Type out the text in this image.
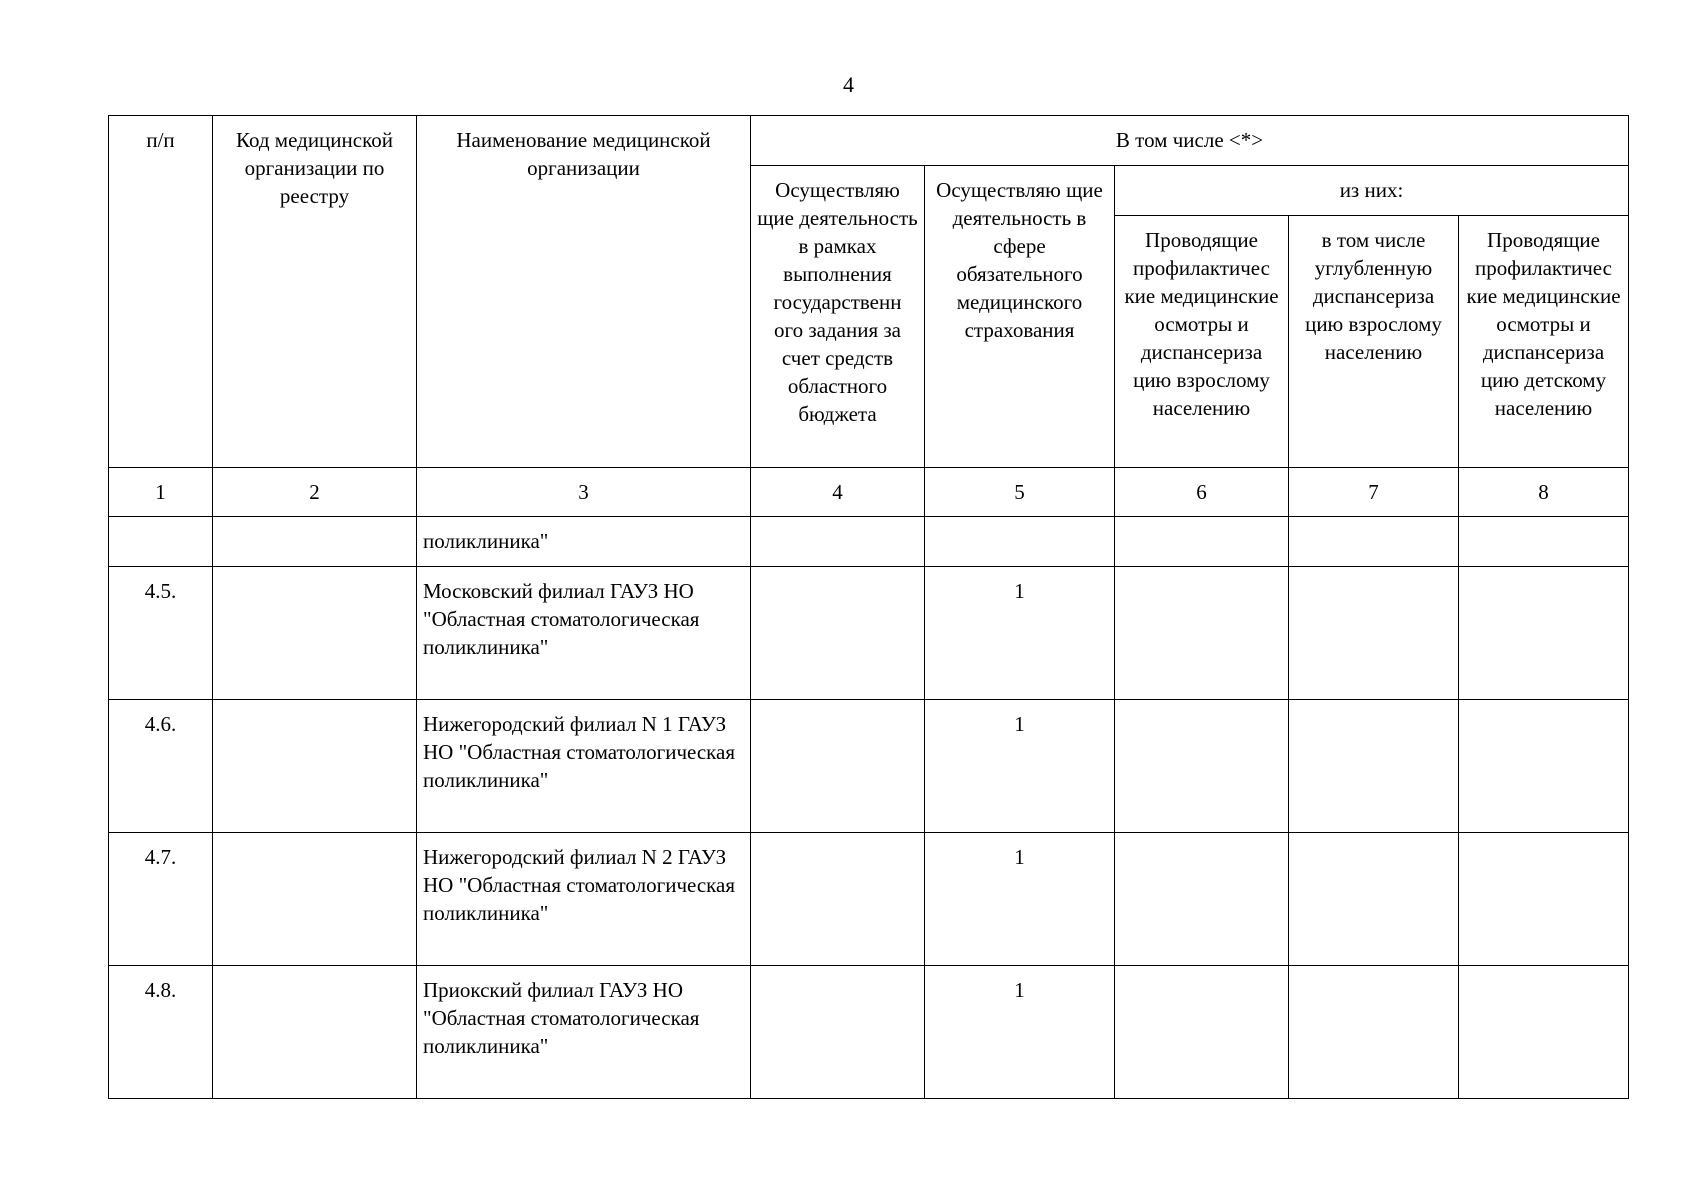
4
п/п	Код медицинской организации по реестру	Наименование медицинской организации	В том числе <*>				
			Осуществляю щие деятельность в рамках выполнения государственн ого задания за счет средств областного бюджета	Осуществляю щие деятельность в сфере обязательного медицинского страхования	из них:		
					Проводящие профилактичес кие медицинские осмотры и диспансериза цию взрослому населению	в том числе углубленную диспансериза цию взрослому населению	Проводящие профилактичес кие медицинские осмотры и диспансериза цию детскому населению
1	2	3	4	5	6	7	8
		поликлиника"					
4.5.		Московский филиал ГАУЗ НО "Областная стоматологическая поликлиника"		1			
4.6.		Нижегородский филиал N 1 ГАУЗ НО "Областная стоматологическая поликлиника"		1			
4.7.		Нижегородский филиал N 2 ГАУЗ НО "Областная стоматологическая поликлиника"		1			
4.8.		Приокский филиал ГАУЗ НО "Областная стоматологическая поликлиника"		1			
